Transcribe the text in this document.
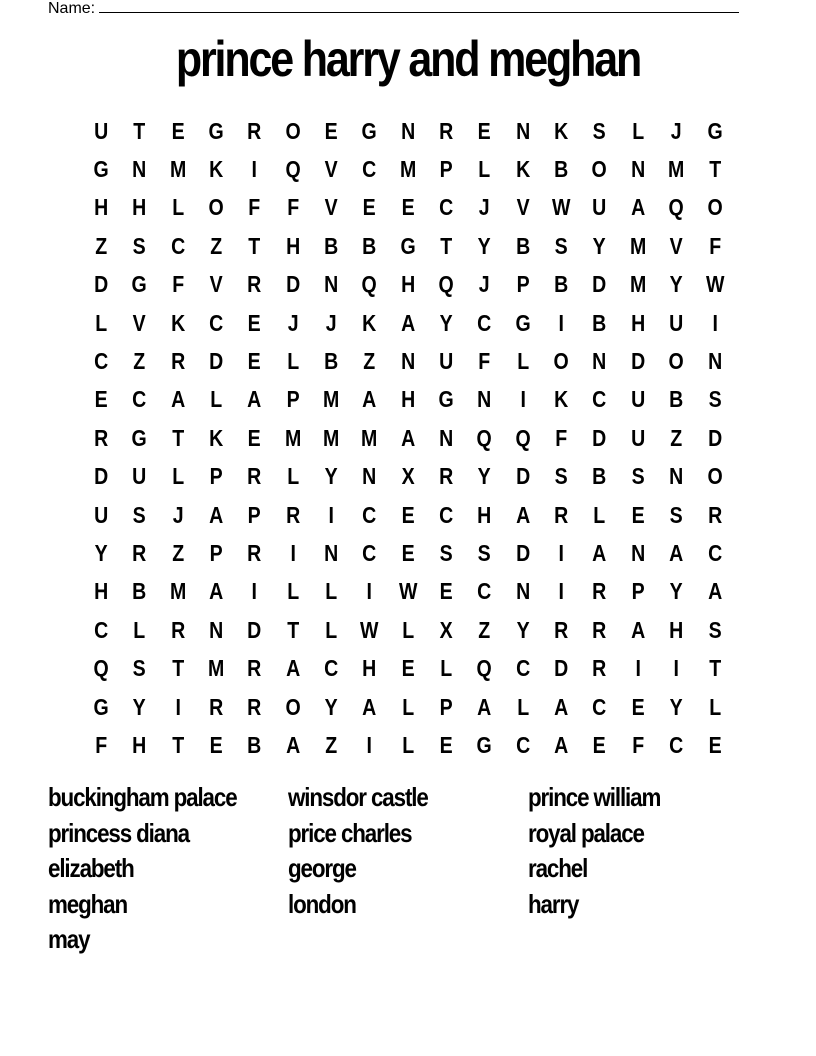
Name:
prince harry and meghan
U	T	E	G	R	O	E	G	N	R	E	N	K	S	L	J	G
G	N	M	K	I	Q	V	C	M	P	L	K	B	O	N	M	T
H	H	L	O	F	F	V	E	E	C	J	V W U	A	Q	O
Z	S	C	Z	T	H	B	B	G	T	Y	B	S	Y	M	V	F
D	G	F	V	R	D	N	Q	H	Q	J	P	B	D	M	Y W
L	V	K	C	E	J	J	K	A	Y	C	G	I	B	H	U	I
C	Z	R	D	E	L	B	Z	N	U	F	L	O	N	D	O	N
E	C	A	L	A	P	M	A	H	G	N	I	K	C	U	B	S
R	G	T	K	E	M M M	A	N	Q	Q	F	D	U	Z	D
D	U	L	P	R	L	Y	N	X	R	Y	D	S	B	S	N	O
U	S	J	A	P	R	I	C	E	C	H	A	R	L	E	S	R
Y	R	Z	P	R	I	N	C	E	S	S	D	I	A	N	A	C
H	B	M	A	I	L	L	I	W E	C	N	I	R	P	Y	A
C	L	R	N	D	T	L	W	L	X	Z	Y	R	R	A	H	S
Q	S	T	M	R	A	C	H	E	L	Q	C	D	R	I	I	T
G	Y	I	R	R	O	Y	A	L	P	A	L	A	C	E	Y	L
F	H	T	E	B	A	Z	I	L	E	G	C	A	E	F	C	E
buckingham palace	winsdor castle	prince william
princess diana	price charles	royal palace
elizabeth	george	rachel
meghan	london	harry
may
